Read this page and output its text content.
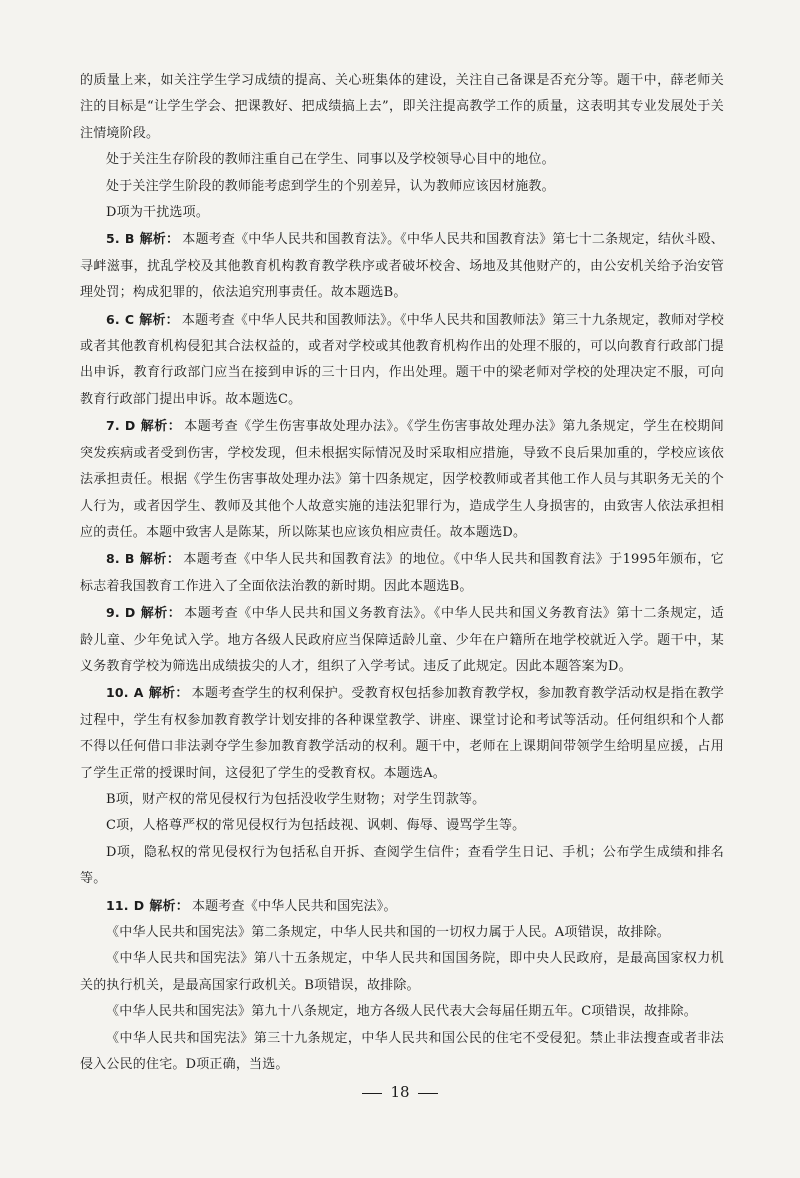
的质量上来，如关注学生学习成绩的提高、关心班集体的建设，关注自己备课是否充分等。题干中，薛老师关注的目标是“让学生学会、把课教好、把成绩搞上去”，即关注提高教学工作的质量，这表明其专业发展处于关注情境阶段。

处于关注生存阶段的教师注重自己在学生、同事以及学校领导心目中的地位。

处于关注学生阶段的教师能考虑到学生的个别差异，认为教师应该因材施教。

D项为干扰选项。

5. B 解析： 本题考查《中华人民共和国教育法》。《中华人民共和国教育法》第七十二条规定，结伙斗殴、寻衅滋事，扰乱学校及其他教育机构教育教学秩序或者破坏校舍、场地及其他财产的，由公安机关给予治安管理处罚；构成犯罪的，依法追究刑事责任。故本题选B。

6. C 解析： 本题考查《中华人民共和国教师法》。《中华人民共和国教师法》第三十九条规定，教师对学校或者其他教育机构侵犯其合法权益的，或者对学校或其他教育机构作出的处理不服的，可以向教育行政部门提出申诉，教育行政部门应当在接到申诉的三十日内，作出处理。题干中的梁老师对学校的处理决定不服，可向教育行政部门提出申诉。故本题选C。

7. D 解析： 本题考查《学生伤害事故处理办法》。《学生伤害事故处理办法》第九条规定，学生在校期间突发疾病或者受到伤害，学校发现，但未根据实际情况及时采取相应措施，导致不良后果加重的，学校应该依法承担责任。根据《学生伤害事故处理办法》第十四条规定，因学校教师或者其他工作人员与其职务无关的个人行为，或者因学生、教师及其他个人故意实施的违法犯罪行为，造成学生人身损害的，由致害人依法承担相应的责任。本题中致害人是陈某，所以陈某也应该负相应责任。故本题选D。

8. B 解析： 本题考查《中华人民共和国教育法》的地位。《中华人民共和国教育法》于1995年颁布，它标志着我国教育工作进入了全面依法治教的新时期。因此本题选B。

9. D 解析： 本题考查《中华人民共和国义务教育法》。《中华人民共和国义务教育法》第十二条规定，适龄儿童、少年免试入学。地方各级人民政府应当保障适龄儿童、少年在户籍所在地学校就近入学。题干中，某义务教育学校为筛选出成绩拔尖的人才，组织了入学考试。违反了此规定。因此本题答案为D。

10. A 解析： 本题考查学生的权利保护。受教育权包括参加教育教学权，参加教育教学活动权是指在教学过程中，学生有权参加教育教学计划安排的各种课堂教学、讲座、课堂讨论和考试等活动。任何组织和个人都不得以任何借口非法剥夺学生参加教育教学活动的权利。题干中，老师在上课期间带领学生给明星应援，占用了学生正常的授课时间，这侵犯了学生的受教育权。本题选A。

B项，财产权的常见侵权行为包括没收学生财物；对学生罚款等。

C项，人格尊严权的常见侵权行为包括歧视、讽刺、侮辱、谩骂学生等。

D项，隐私权的常见侵权行为包括私自开拆、查阅学生信件；查看学生日记、手机；公布学生成绩和排名等。

11. D 解析： 本题考查《中华人民共和国宪法》。

《中华人民共和国宪法》第二条规定，中华人民共和国的一切权力属于人民。A项错误，故排除。

《中华人民共和国宪法》第八十五条规定，中华人民共和国国务院，即中央人民政府，是最高国家权力机关的执行机关，是最高国家行政机关。B项错误，故排除。

《中华人民共和国宪法》第九十八条规定，地方各级人民代表大会每届任期五年。C项错误，故排除。

《中华人民共和国宪法》第三十九条规定，中华人民共和国公民的住宅不受侵犯。禁止非法搜查或者非法侵入公民的住宅。D项正确，当选。

18
